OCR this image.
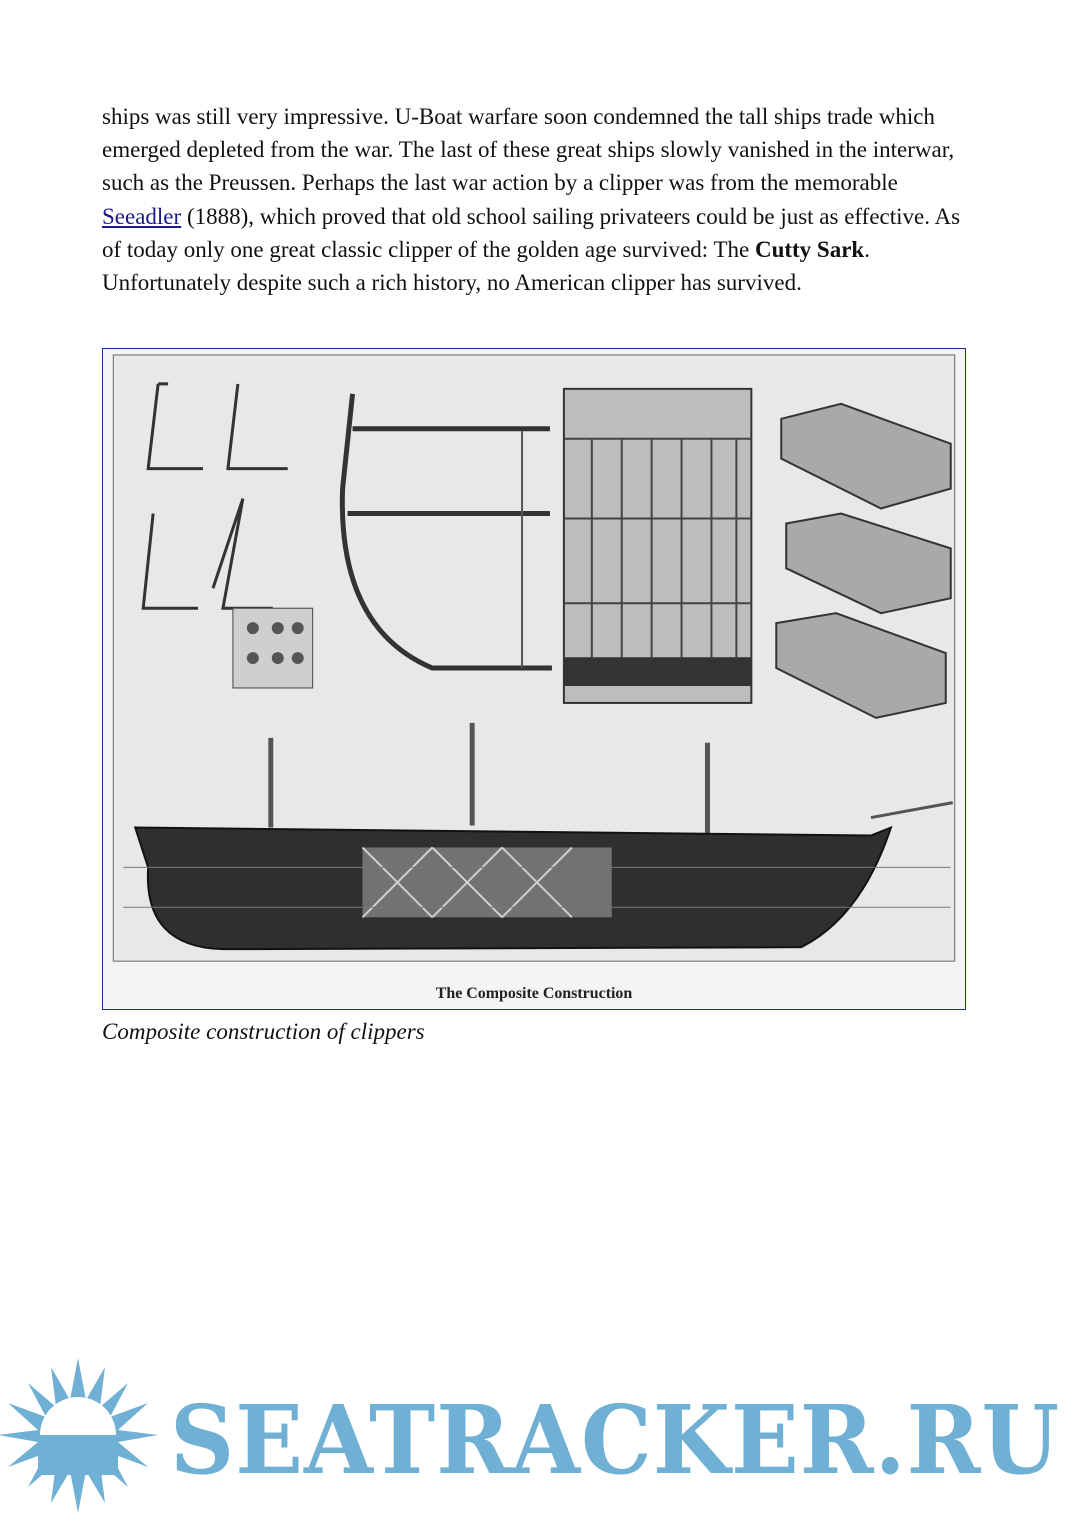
ships was still very impressive. U-Boat warfare soon condemned the tall ships trade which emerged depleted from the war. The last of these great ships slowly vanished in the interwar, such as the Preussen. Perhaps the last war action by a clipper was from the memorable Seeadler (1888), which proved that old school sailing privateers could be just as effective. As of today only one great classic clipper of the golden age survived: The Cutty Sark. Unfortunately despite such a rich history, no American clipper has survived.
The Composite Construction
Composite construction of clippers
SEATRACKER.RU
